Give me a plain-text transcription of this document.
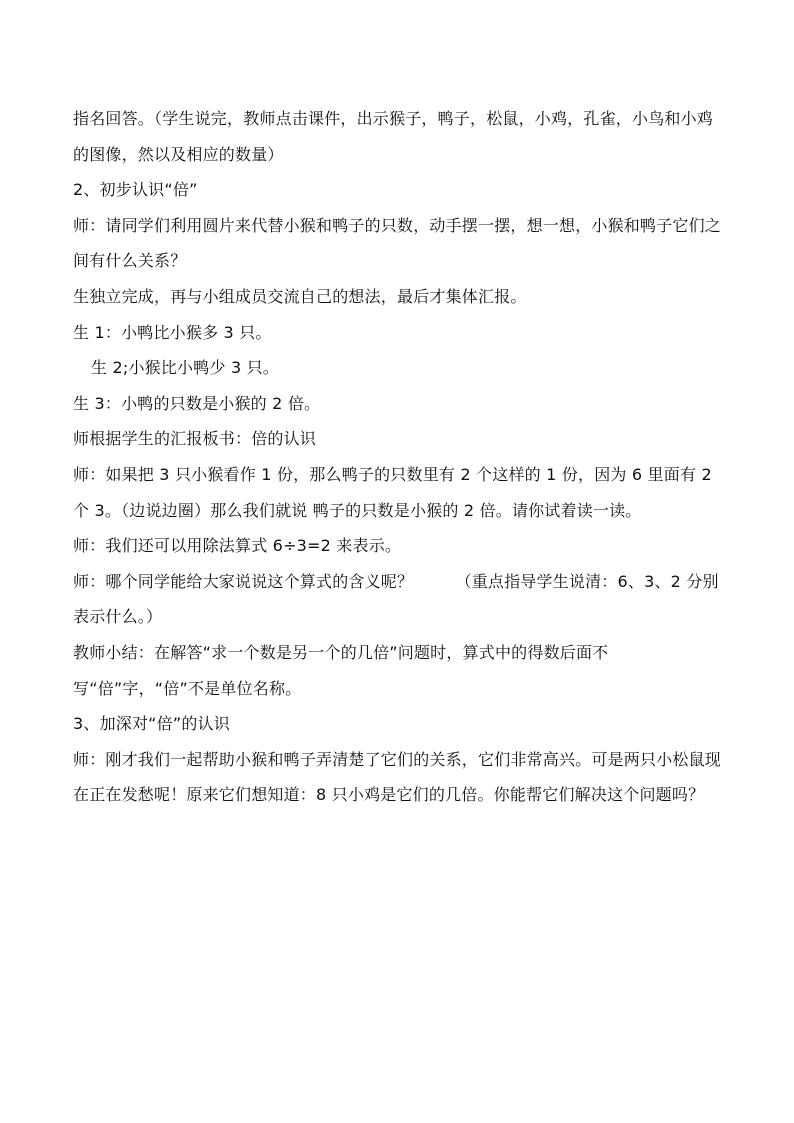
指名回答。（学生说完，教师点击课件，出示猴子，鸭子，松鼠，小鸡，孔雀，小鸟和小鸡的图像，然以及相应的数量）

2、初步认识“倍”

师：请同学们利用圆片来代替小猴和鸭子的只数，动手摆一摆，想一想，小猴和鸭子它们之间有什么关系？

生独立完成，再与小组成员交流自己的想法，最后才集体汇报。

生 1：小鸭比小猴多 3 只。

生 2;小猴比小鸭少 3 只。

生 3：小鸭的只数是小猴的 2 倍。

师根据学生的汇报板书：倍的认识

师：如果把 3 只小猴看作 1 份，那么鸭子的只数里有 2 个这样的 1 份，因为 6 里面有 2 个 3。（边说边圈）那么我们就说 鸭子的只数是小猴的 2 倍。请你试着读一读。

师：我们还可以用除法算式 6÷3=2 来表示。

师：哪个同学能给大家说说这个算式的含义呢？        （重点指导学生说清：6、3、2 分别表示什么。）

教师小结：在解答“求一个数是另一个的几倍”问题时，算式中的得数后面不写“倍”字，“倍”不是单位名称。

3、加深对“倍”的认识

师：刚才我们一起帮助小猴和鸭子弄清楚了它们的关系，它们非常高兴。可是两只小松鼠现在正在发愁呢！原来它们想知道：8 只小鸡是它们的几倍。你能帮它们解决这个问题吗？
